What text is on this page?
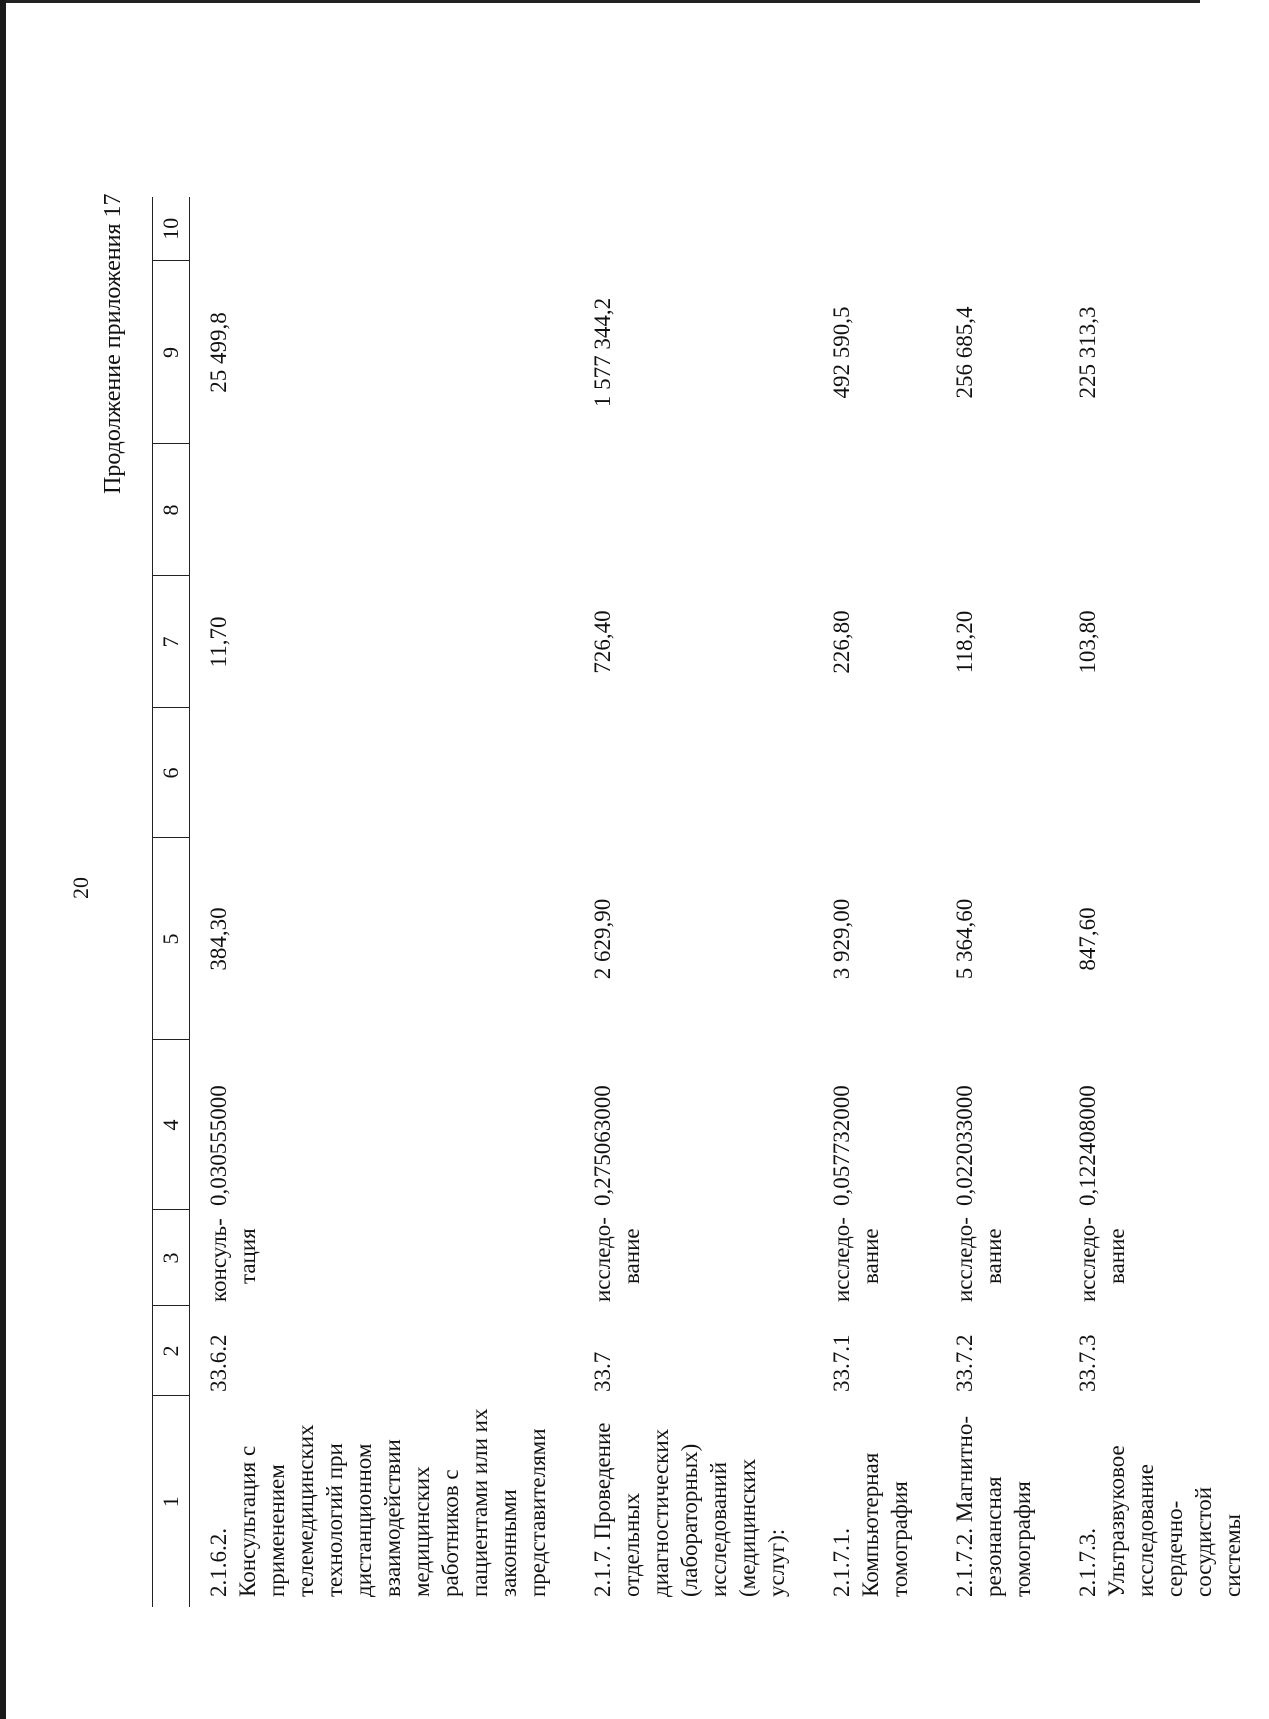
20
Продолжение приложения 17
1	2	3	4	5	6	7	8	9	10
2.1.6.2. Консультация с применением телемедицинских технологий при дистанционном взаимодействии медицинских работников с пациентами или их законными представителями	33.6.2	консуль- тация	0,030555000	384,30		11,70		25 499,8	
2.1.7. Проведение отдельных диагностических (лабораторных) исследований (медицинских услуг):	33.7	исследо- вание	0,275063000	2 629,90		726,40		1 577 344,2	
2.1.7.1. Компьютерная томография	33.7.1	исследо- вание	0,057732000	3 929,00		226,80		492 590,5	
2.1.7.2. Магнитно-резонансная томография	33.7.2	исследо- вание	0,022033000	5 364,60		118,20		256 685,4	
2.1.7.3. Ультразвуковое исследование сердечно-сосудистой системы	33.7.3	исследо- вание	0,122408000	847,60		103,80		225 313,3	
